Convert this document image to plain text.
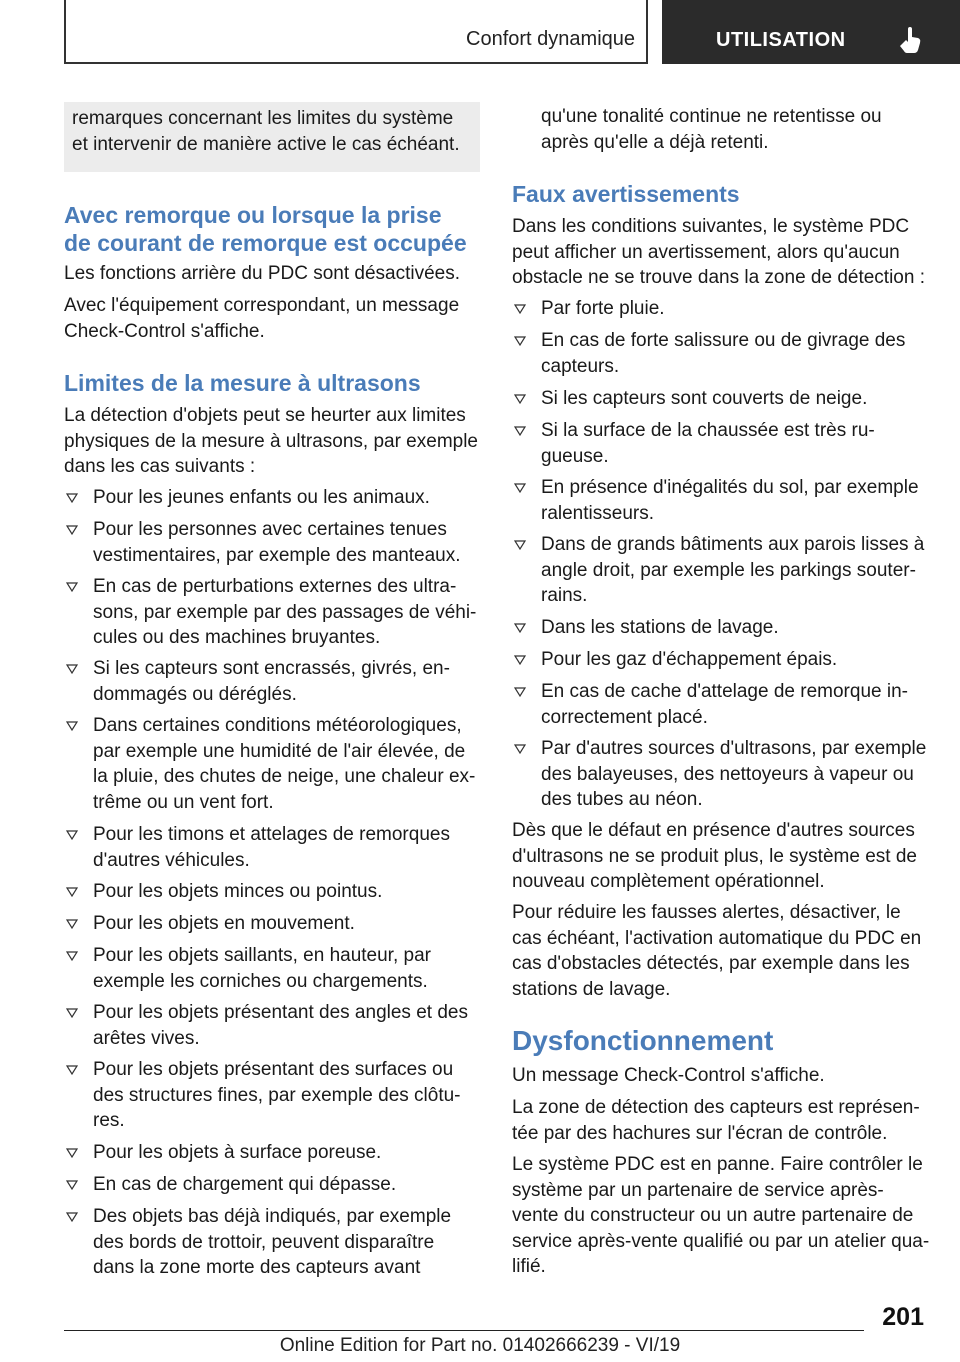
Confort dynamique	UTILISATION

remarques concernant les limites du système

et intervenir de manière active le cas échéant.

Avec remorque ou lorsque la prise

de courant de remorque est occupée

Les fonctions arrière du PDC sont désactivées.

Avec l'équipement correspondant, un message

Check-Control s'affiche.

Limites de la mesure à ultrasons

La détection d'objets peut se heurter aux limites

physiques de la mesure à ultrasons, par exemple

dans les cas suivants :

Pour les jeunes enfants ou les animaux.

Pour les personnes avec certaines tenues

vestimentaires, par exemple des manteaux.

En cas de perturbations externes des ultra-

sons, par exemple par des passages de véhi-

cules ou des machines bruyantes.

Si les capteurs sont encrassés, givrés, en-

dommagés ou déréglés.

Dans certaines conditions météorologiques,

par exemple une humidité de l'air élevée, de

la pluie, des chutes de neige, une chaleur ex-

trême ou un vent fort.

Pour les timons et attelages de remorques

d'autres véhicules.

Pour les objets minces ou pointus.

Pour les objets en mouvement.

Pour les objets saillants, en hauteur, par

exemple les corniches ou chargements.

Pour les objets présentant des angles et des

arêtes vives.

Pour les objets présentant des surfaces ou

des structures fines, par exemple des clôtu-

res.

Pour les objets à surface poreuse.

En cas de chargement qui dépasse.

Des objets bas déjà indiqués, par exemple

des bords de trottoir, peuvent disparaître

dans la zone morte des capteurs avant

qu'une tonalité continue ne retentisse ou

après qu'elle a déjà retenti.

Faux avertissements

Dans les conditions suivantes, le système PDC

peut afficher un avertissement, alors qu'aucun

obstacle ne se trouve dans la zone de détection :

Par forte pluie.

En cas de forte salissure ou de givrage des

capteurs.

Si les capteurs sont couverts de neige.

Si la surface de la chaussée est très ru-

gueuse.

En présence d'inégalités du sol, par exemple

ralentisseurs.

Dans de grands bâtiments aux parois lisses à

angle droit, par exemple les parkings souter-

rains.

Dans les stations de lavage.

Pour les gaz d'échappement épais.

En cas de cache d'attelage de remorque in-

correctement placé.

Par d'autres sources d'ultrasons, par exemple

des balayeuses, des nettoyeurs à vapeur ou

des tubes au néon.

Dès que le défaut en présence d'autres sources

d'ultrasons ne se produit plus, le système est de

nouveau complètement opérationnel.

Pour réduire les fausses alertes, désactiver, le

cas échéant, l'activation automatique du PDC en

cas d'obstacles détectés, par exemple dans les

stations de lavage.

Dysfonctionnement

Un message Check-Control s'affiche.

La zone de détection des capteurs est représen-

tée par des hachures sur l'écran de contrôle.

Le système PDC est en panne. Faire contrôler le

système par un partenaire de service après-

vente du constructeur ou un autre partenaire de

service après-vente qualifié ou par un atelier qua-

lifié.

201
Online Edition for Part no. 01402666239 - VI/19
